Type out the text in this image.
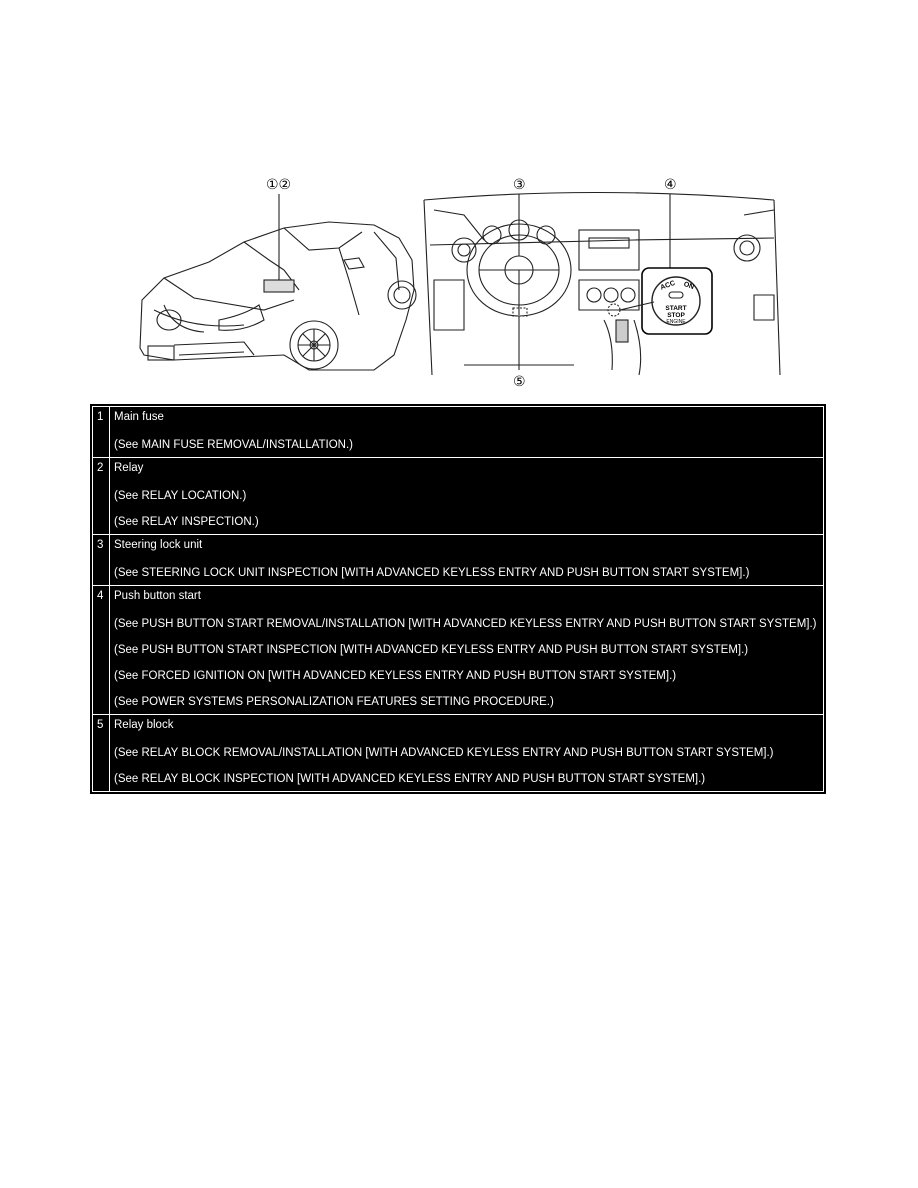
①②	③	④
⑤
ACC ON
START
STOP
ENGINE
1	Main fuse
(See MAIN FUSE REMOVAL/INSTALLATION.)

2	Relay
(See RELAY LOCATION.)
(See RELAY INSPECTION.)

3	Steering lock unit
(See STEERING LOCK UNIT INSPECTION [WITH ADVANCED KEYLESS ENTRY AND PUSH BUTTON START SYSTEM].)

4	Push button start
(See PUSH BUTTON START REMOVAL/INSTALLATION [WITH ADVANCED KEYLESS ENTRY AND PUSH BUTTON START SYSTEM].)
(See PUSH BUTTON START INSPECTION [WITH ADVANCED KEYLESS ENTRY AND PUSH BUTTON START SYSTEM].)
(See FORCED IGNITION ON [WITH ADVANCED KEYLESS ENTRY AND PUSH BUTTON START SYSTEM].)
(See POWER SYSTEMS PERSONALIZATION FEATURES SETTING PROCEDURE.)

5	Relay block
(See RELAY BLOCK REMOVAL/INSTALLATION [WITH ADVANCED KEYLESS ENTRY AND PUSH BUTTON START SYSTEM].)
(See RELAY BLOCK INSPECTION [WITH ADVANCED KEYLESS ENTRY AND PUSH BUTTON START SYSTEM].)
